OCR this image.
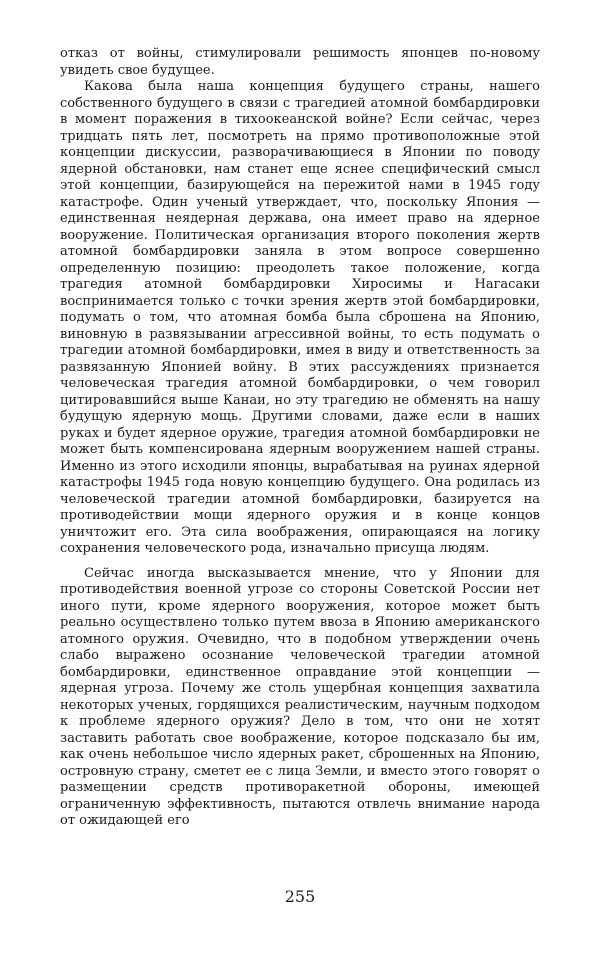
отказ от войны, стимулировали решимость японцев по-новому увидеть свое будущее.

Какова была наша концепция будущего страны, нашего собственного будущего в связи с трагедией атомной бомбардировки в момент поражения в тихоокеанской войне? Если сейчас, через тридцать пять лет, посмотреть на прямо противоположные этой концепции дискуссии, разворачивающиеся в Японии по поводу ядерной обстановки, нам станет еще яснее специфический смысл этой концепции, базирующейся на пережитой нами в 1945 году катастрофе. Один ученый утверждает, что, поскольку Япония — единственная неядерная держава, она имеет право на ядерное вооружение. Политическая организация второго поколения жертв атомной бомбардировки заняла в этом вопросе совершенно определенную позицию: преодолеть такое положение, когда трагедия атомной бомбардировки Хиросимы и Нагасаки воспринимается только с точки зрения жертв этой бомбардировки, подумать о том, что атомная бомба была сброшена на Японию, виновную в развязывании агрессивной войны, то есть подумать о трагедии атомной бомбардировки, имея в виду и ответственность за развязанную Японией войну. В этих рассуждениях признается человеческая трагедия атомной бомбардировки, о чем говорил цитировавшийся выше Канаи, но эту трагедию не обменять на нашу будущую ядерную мощь. Другими словами, даже если в наших руках и будет ядерное оружие, трагедия атомной бомбардировки не может быть компенсирована ядерным вооружением нашей страны. Именно из этого исходили японцы, вырабатывая на руинах ядерной катастрофы 1945 года новую концепцию будущего. Она родилась из человеческой трагедии атомной бомбардировки, базируется на противодействии мощи ядерного оружия и в конце концов уничтожит его. Эта сила воображения, опирающаяся на логику сохранения человеческого рода, изначально присуща людям.

Сейчас иногда высказывается мнение, что у Японии для противодействия военной угрозе со стороны Советской России нет иного пути, кроме ядерного вооружения, которое может быть реально осуществлено только путем ввоза в Японию американского атомного оружия. Очевидно, что в подобном утверждении очень слабо выражено осознание человеческой трагедии атомной бомбардировки, единственное оправдание этой концепции — ядерная угроза. Почему же столь ущербная концепция захватила некоторых ученых, гордящихся реалистическим, научным подходом к проблеме ядерного оружия? Дело в том, что они не хотят заставить работать свое воображение, которое подсказало бы им, как очень небольшое число ядерных ракет, сброшенных на Японию, островную страну, сметет ее с лица Земли, и вместо этого говорят о размещении средств противоракетной обороны, имеющей ограниченную эффективность, пытаются отвлечь внимание народа от ожидающей его

255
